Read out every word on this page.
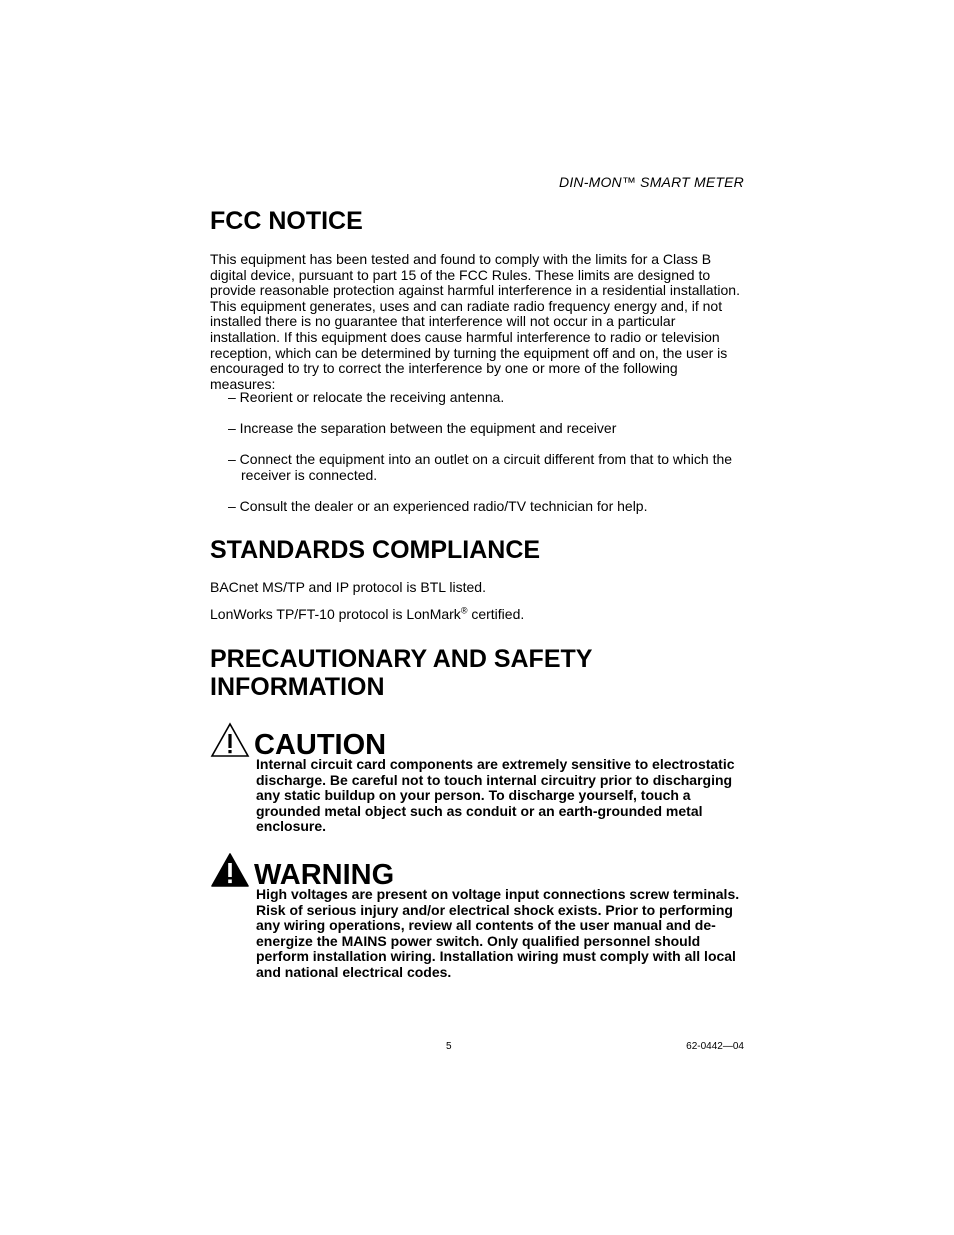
DIN-MON™ SMART METER
FCC NOTICE

This equipment has been tested and found to comply with the limits for a Class B digital device, pursuant to part 15 of the FCC Rules. These limits are designed to provide reasonable protection against harmful interference in a residential installation. This equipment generates, uses and can radiate radio frequency energy and, if not installed there is no guarantee that interference will not occur in a particular installation. If this equipment does cause harmful interference to radio or television reception, which can be determined by turning the equipment off and on, the user is encouraged to try to correct the interference by one or more of the following measures:

– Reorient or relocate the receiving antenna.
– Increase the separation between the equipment and receiver
– Connect the equipment into an outlet on a circuit different from that to which the receiver is connected.
– Consult the dealer or an experienced radio/TV technician for help.
STANDARDS COMPLIANCE

BACnet MS/TP and IP protocol is BTL listed.

LonWorks TP/FT-10 protocol is LonMark® certified.

PRECAUTIONARY AND SAFETY
INFORMATION
CAUTION
Internal circuit card components are extremely sensitive to electrostatic discharge. Be careful not to touch internal circuitry prior to discharging any static buildup on your person. To discharge yourself, touch a grounded metal object such as conduit or an earth-grounded metal enclosure.
WARNING
High voltages are present on voltage input connections screw terminals. Risk of serious injury and/or electrical shock exists. Prior to performing any wiring operations, review all contents of the user manual and de-energize the MAINS power switch. Only qualified personnel should perform installation wiring. Installation wiring must comply with all local and national electrical codes.
5	62-0442—04
